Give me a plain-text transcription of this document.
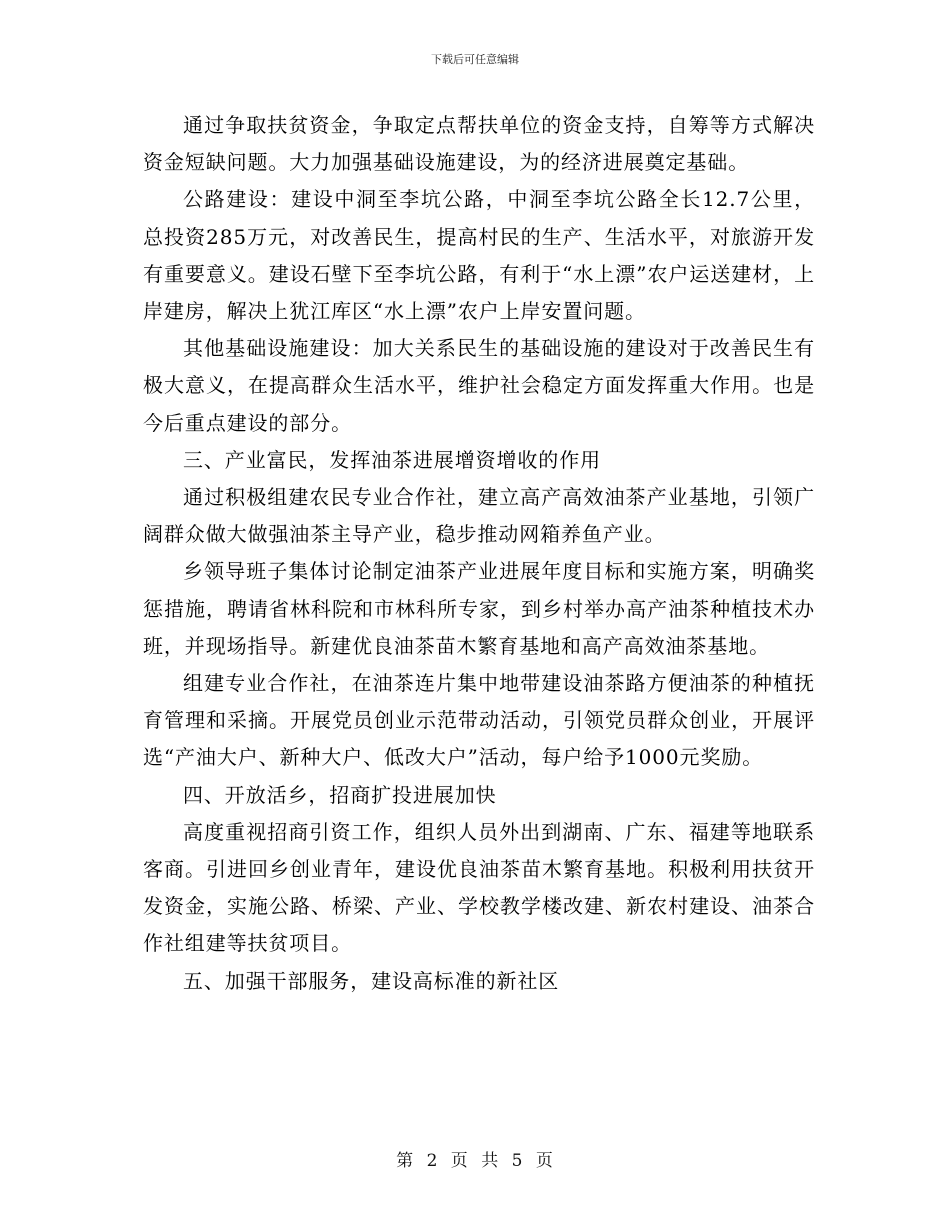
下载后可任意编辑

通过争取扶贫资金，争取定点帮扶单位的资金支持，自筹等方式解决资金短缺问题。大力加强基础设施建设，为的经济进展奠定基础。

公路建设：建设中洞至李坑公路，中洞至李坑公路全长12.7公里，总投资285万元，对改善民生，提高村民的生产、生活水平，对旅游开发有重要意义。建设石壁下至李坑公路，有利于“水上漂”农户运送建材，上岸建房，解决上犹江库区“水上漂”农户上岸安置问题。

其他基础设施建设：加大关系民生的基础设施的建设对于改善民生有极大意义，在提高群众生活水平，维护社会稳定方面发挥重大作用。也是今后重点建设的部分。

三、产业富民，发挥油茶进展增资增收的作用

通过积极组建农民专业合作社，建立高产高效油茶产业基地，引领广阔群众做大做强油茶主导产业，稳步推动网箱养鱼产业。

乡领导班子集体讨论制定油茶产业进展年度目标和实施方案，明确奖惩措施，聘请省林科院和市林科所专家，到乡村举办高产油茶种植技术办班，并现场指导。新建优良油茶苗木繁育基地和高产高效油茶基地。

组建专业合作社，在油茶连片集中地带建设油茶路方便油茶的种植抚育管理和采摘。开展党员创业示范带动活动，引领党员群众创业，开展评选“产油大户、新种大户、低改大户”活动，每户给予1000元奖励。

四、开放活乡，招商扩投进展加快

高度重视招商引资工作，组织人员外出到湖南、广东、福建等地联系客商。引进回乡创业青年，建设优良油茶苗木繁育基地。积极利用扶贫开发资金，实施公路、桥梁、产业、学校教学楼改建、新农村建设、油茶合作社组建等扶贫项目。

五、加强干部服务，建设高标准的新社区

第 2 页 共 5 页
